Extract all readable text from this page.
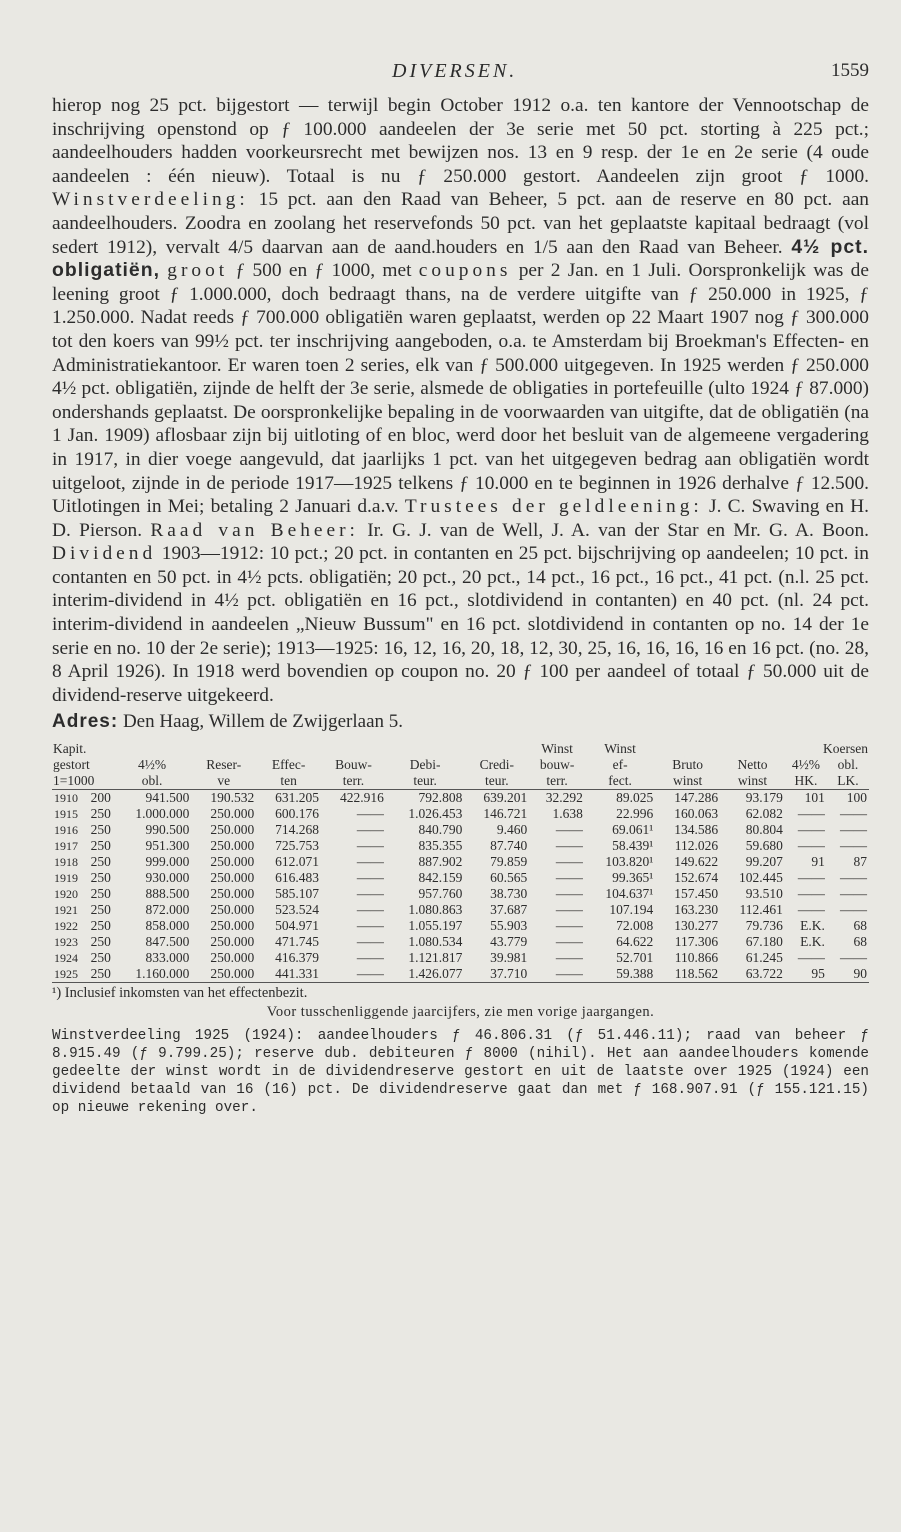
DIVERSEN.	1559

hierop nog 25 pct. bijgestort — terwijl begin October 1912 o.a. ten kantore der Vennootschap de inschrijving openstond op ƒ 100.000 aandeelen der 3e serie met 50 pct. storting à 225 pct.; aandeelhouders hadden voorkeursrecht met bewijzen nos. 13 en 9 resp. der 1e en 2e serie (4 oude aandeelen : één nieuw). Totaal is nu ƒ 250.000 gestort. Aandeelen zijn groot ƒ 1000. Winstverdeeling: 15 pct. aan den Raad van Beheer, 5 pct. aan de reserve en 80 pct. aan aandeelhouders. Zoodra en zoolang het reservefonds 50 pct. van het geplaatste kapitaal bedraagt (vol sedert 1912), vervalt 4/5 daarvan aan de aand.houders en 1/5 aan den Raad van Beheer. 4½ pct. obligatiën, groot ƒ 500 en ƒ 1000, met coupons per 2 Jan. en 1 Juli. Oorspronkelijk was de leening groot ƒ 1.000.000, doch bedraagt thans, na de verdere uitgifte van ƒ 250.000 in 1925, ƒ 1.250.000. Nadat reeds ƒ 700.000 obligatiën waren geplaatst, werden op 22 Maart 1907 nog ƒ 300.000 tot den koers van 99½ pct. ter inschrijving aangeboden, o.a. te Amsterdam bij Broekman's Effecten- en Administratiekantoor. Er waren toen 2 series, elk van ƒ 500.000 uitgegeven. In 1925 werden ƒ 250.000 4½ pct. obligatiën, zijnde de helft der 3e serie, alsmede de obligaties in portefeuille (ulto 1924 ƒ 87.000) ondershands geplaatst. De oorspronkelijke bepaling in de voorwaarden van uitgifte, dat de obligatiën (na 1 Jan. 1909) aflosbaar zijn bij uitloting of en bloc, werd door het besluit van de algemeene vergadering in 1917, in dier voege aangevuld, dat jaarlijks 1 pct. van het uitgegeven bedrag aan obligatiën wordt uitgeloot, zijnde in de periode 1917—1925 telkens ƒ 10.000 en te beginnen in 1926 derhalve ƒ 12.500. Uitlotingen in Mei; betaling 2 Januari d.a.v. Trustees der geldleening: J. C. Swaving en H. D. Pierson. Raad van Beheer: Ir. G. J. van de Well, J. A. van der Star en Mr. G. A. Boon. Dividend 1903—1912: 10 pct.; 20 pct. in contanten en 25 pct. bijschrijving op aandeelen; 10 pct. in contanten en 50 pct. in 4½ pcts. obligatiën; 20 pct., 20 pct., 14 pct., 16 pct., 16 pct., 41 pct. (n.l. 25 pct. interim-dividend in 4½ pct. obligatiën en 16 pct., slotdividend in contanten) en 40 pct. (nl. 24 pct. interim-dividend in aandeelen „Nieuw Bussum" en 16 pct. slotdividend in contanten op no. 14 der 1e serie en no. 10 der 2e serie); 1913—1925: 16, 12, 16, 20, 18, 12, 30, 25, 16, 16, 16, 16 en 16 pct. (no. 28, 8 April 1926). In 1918 werd bovendien op coupon no. 20 ƒ 100 per aandeel of totaal ƒ 50.000 uit de dividend-reserve uitgekeerd.

Adres: Den Haag, Willem de Zwijgerlaan 5.
Kapit.								Winst	Winst			Koersen	
gestort		4½%	Reser-	Effec-	Bouw-	Debi-	Credi-	bouw-	ef-	Bruto	Netto	4½%	obl.
1=1000		obl.	ve	ten	terr.	teur.	teur.	terr.	fect.	winst	winst	HK.	LK.
1910	200	941.500	190.532	631.205	422.916	792.808	639.201	32.292	89.025	147.286	93.179	101	100
1915	250	1.000.000	250.000	600.176	——	1.026.453	146.721	1.638	22.996	160.063	62.082	——	——
1916	250	990.500	250.000	714.268	——	840.790	9.460	——	69.061¹	134.586	80.804	——	——
1917	250	951.300	250.000	725.753	——	835.355	87.740	——	58.439¹	112.026	59.680	——	——
1918	250	999.000	250.000	612.071	——	887.902	79.859	——	103.820¹	149.622	99.207	91	87
1919	250	930.000	250.000	616.483	——	842.159	60.565	——	99.365¹	152.674	102.445	——	——
1920	250	888.500	250.000	585.107	——	957.760	38.730	——	104.637¹	157.450	93.510	——	——
1921	250	872.000	250.000	523.524	——	1.080.863	37.687	——	107.194	163.230	112.461	——	——
1922	250	858.000	250.000	504.971	——	1.055.197	55.903	——	72.008	130.277	79.736	E.K.	68
1923	250	847.500	250.000	471.745	——	1.080.534	43.779	——	64.622	117.306	67.180	E.K.	68
1924	250	833.000	250.000	416.379	——	1.121.817	39.981	——	52.701	110.866	61.245	——	——
1925	250	1.160.000	250.000	441.331	——	1.426.077	37.710	——	59.388	118.562	63.722	95	90

¹) Inclusief inkomsten van het effectenbezit.

Voor tusschenliggende jaarcijfers, zie men vorige jaargangen.

Winstverdeeling 1925 (1924): aandeelhouders ƒ 46.806.31 (ƒ 51.446.11); raad van beheer ƒ 8.915.49 (ƒ 9.799.25); reserve dub. debiteuren ƒ 8000 (nihil). Het aan aandeelhouders komende gedeelte der winst wordt in de dividendreserve gestort en uit de laatste over 1925 (1924) een dividend betaald van 16 (16) pct. De dividendreserve gaat dan met ƒ 168.907.91 (ƒ 155.121.15) op nieuwe rekening over.
